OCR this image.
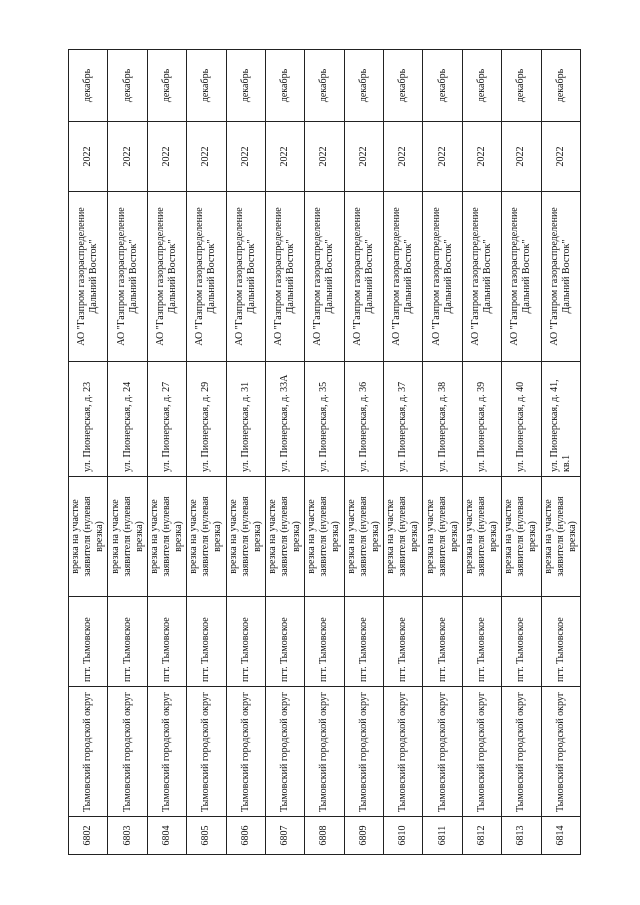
6802	Тымовский городской округ	пгт. Тымовское	врезка на участке заявителя (нулевая врезка)	ул. Пионерская, д. 23	АО "Газпром газораспределение Дальний Восток"	2022	декабрь
6803	Тымовский городской округ	пгт. Тымовское	врезка на участке заявителя (нулевая врезка)	ул. Пионерская, д. 24	АО "Газпром газораспределение Дальний Восток"	2022	декабрь
6804	Тымовский городской округ	пгт. Тымовское	врезка на участке заявителя (нулевая врезка)	ул. Пионерская, д. 27	АО "Газпром газораспределение Дальний Восток"	2022	декабрь
6805	Тымовский городской округ	пгт. Тымовское	врезка на участке заявителя (нулевая врезка)	ул. Пионерская, д. 29	АО "Газпром газораспределение Дальний Восток"	2022	декабрь
6806	Тымовский городской округ	пгт. Тымовское	врезка на участке заявителя (нулевая врезка)	ул. Пионерская, д. 31	АО "Газпром газораспределение Дальний Восток"	2022	декабрь
6807	Тымовский городской округ	пгт. Тымовское	врезка на участке заявителя (нулевая врезка)	ул. Пионерская, д. 33А	АО "Газпром газораспределение Дальний Восток"	2022	декабрь
6808	Тымовский городской округ	пгт. Тымовское	врезка на участке заявителя (нулевая врезка)	ул. Пионерская, д. 35	АО "Газпром газораспределение Дальний Восток"	2022	декабрь
6809	Тымовский городской округ	пгт. Тымовское	врезка на участке заявителя (нулевая врезка)	ул. Пионерская, д. 36	АО "Газпром газораспределение Дальний Восток"	2022	декабрь
6810	Тымовский городской округ	пгт. Тымовское	врезка на участке заявителя (нулевая врезка)	ул. Пионерская, д. 37	АО "Газпром газораспределение Дальний Восток"	2022	декабрь
6811	Тымовский городской округ	пгт. Тымовское	врезка на участке заявителя (нулевая врезка)	ул. Пионерская, д. 38	АО "Газпром газораспределение Дальний Восток"	2022	декабрь
6812	Тымовский городской округ	пгт. Тымовское	врезка на участке заявителя (нулевая врезка)	ул. Пионерская, д. 39	АО "Газпром газораспределение Дальний Восток"	2022	декабрь
6813	Тымовский городской округ	пгт. Тымовское	врезка на участке заявителя (нулевая врезка)	ул. Пионерская, д. 40	АО "Газпром газораспределение Дальний Восток"	2022	декабрь
6814	Тымовский городской округ	пгт. Тымовское	врезка на участке заявителя (нулевая врезка)	ул. Пионерская, д. 41, кв.1	АО "Газпром газораспределение Дальний Восток"	2022	декабрь
